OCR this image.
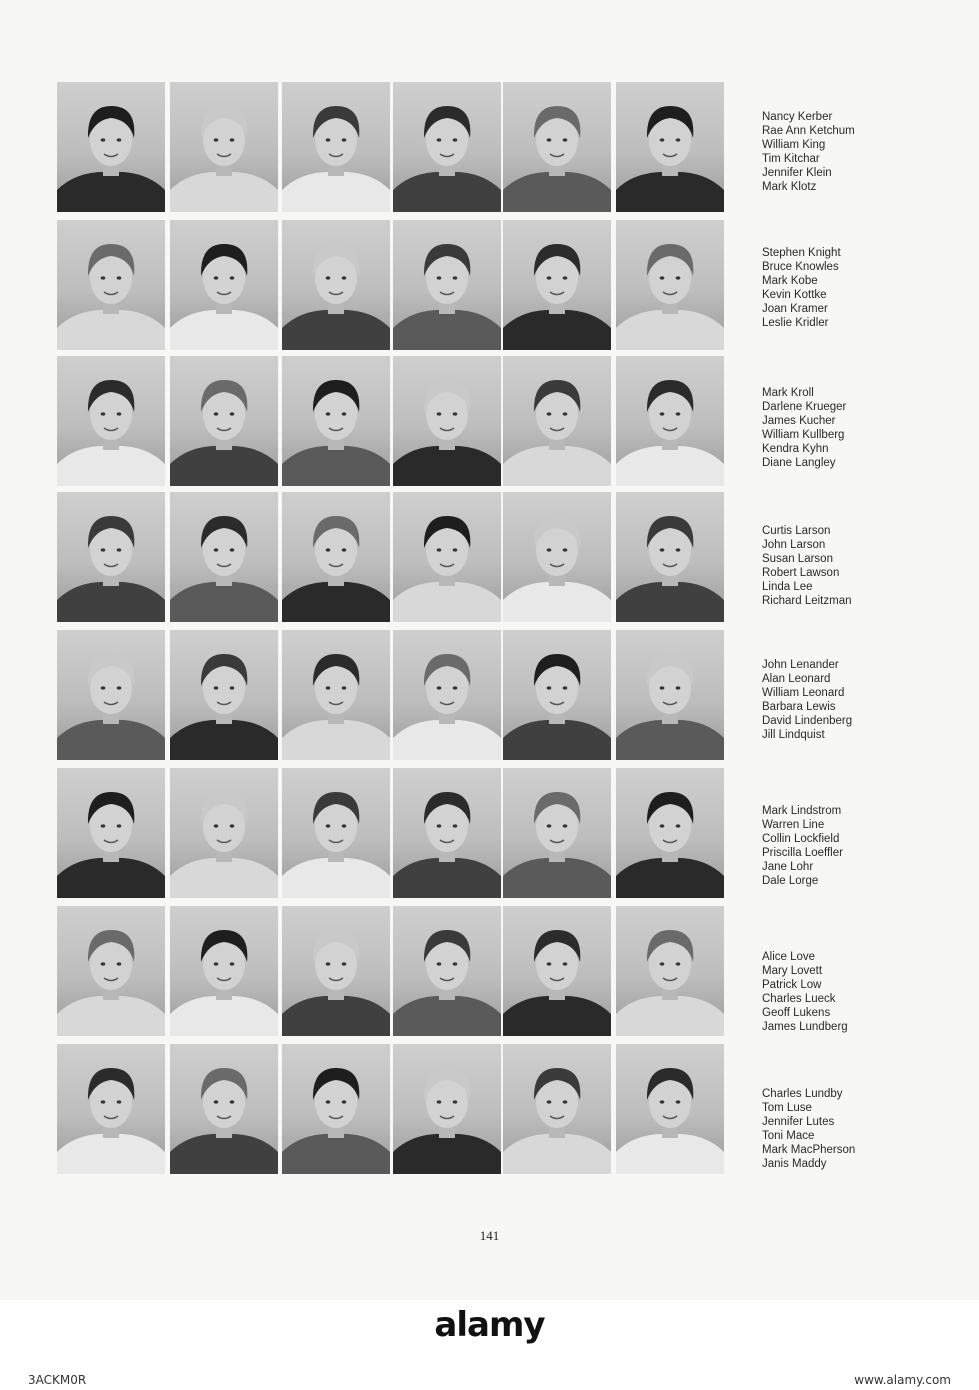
Nancy Kerber
Rae Ann Ketchum
William King
Tim Kitchar
Jennifer Klein
Mark Klotz
Stephen Knight
Bruce Knowles
Mark Kobe
Kevin Kottke
Joan Kramer
Leslie Kridler
Mark Kroll
Darlene Krueger
James Kucher
William Kullberg
Kendra Kyhn
Diane Langley
Curtis Larson
John Larson
Susan Larson
Robert Lawson
Linda Lee
Richard Leitzman
John Lenander
Alan Leonard
William Leonard
Barbara Lewis
David Lindenberg
Jill Lindquist
Mark Lindstrom
Warren Line
Collin Lockfield
Priscilla Loeffler
Jane Lohr
Dale Lorge
Alice Love
Mary Lovett
Patrick Low
Charles Lueck
Geoff Lukens
James Lundberg
Charles Lundby
Tom Luse
Jennifer Lutes
Toni Mace
Mark MacPherson
Janis Maddy
141
alamy
3ACKM0R	www.alamy.com
